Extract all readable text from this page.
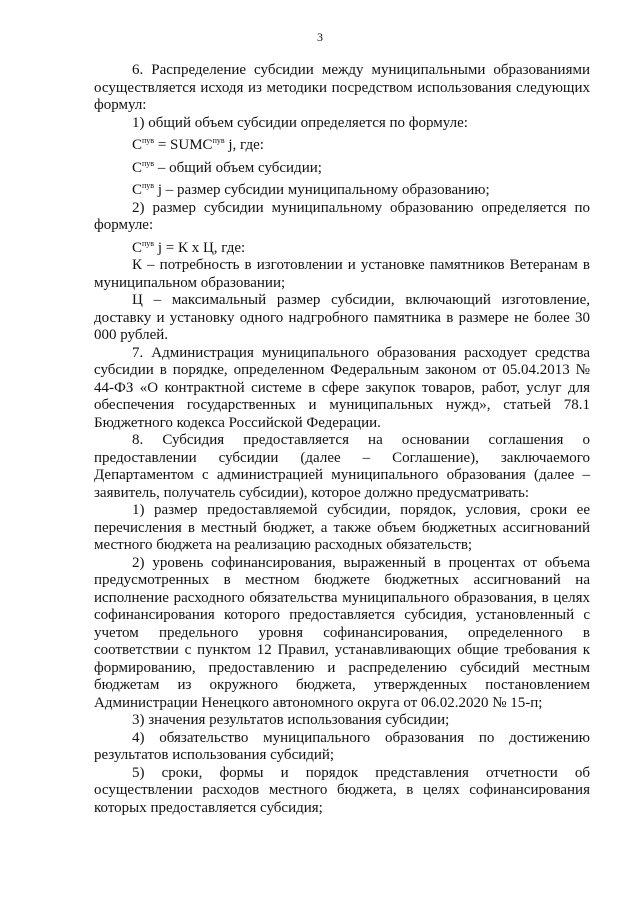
3

6. Распределение субсидии между муниципальными образованиями осуществляется исходя из методики посредством использования следующих формул:

1) общий объем субсидии определяется по формуле:

$С^{пув}$ = $SUMC^{пув}$ j, где:

$С^{пув}$ – общий объем субсидии;

$С^{пув}$ j – размер субсидии муниципальному образованию;

2) размер субсидии муниципальному образованию определяется по формуле:

$С^{пув}$ j = К х Ц, где:

К – потребность в изготовлении и установке памятников Ветеранам в муниципальном образовании;

Ц – максимальный размер субсидии, включающий изготовление, доставку и установку одного надгробного памятника в размере не более 30 000 рублей.

7. Администрация муниципального образования расходует средства субсидии в порядке, определенном Федеральным законом от 05.04.2013 № 44-ФЗ «О контрактной системе в сфере закупок товаров, работ, услуг для обеспечения государственных и муниципальных нужд», статьей 78.1 Бюджетного кодекса Российской Федерации.

8. Субсидия предоставляется на основании соглашения о предоставлении субсидии (далее – Соглашение), заключаемого Департаментом с администрацией муниципального образования (далее – заявитель, получатель субсидии), которое должно предусматривать:

1) размер предоставляемой субсидии, порядок, условия, сроки ее перечисления в местный бюджет, а также объем бюджетных ассигнований местного бюджета на реализацию расходных обязательств;

2) уровень софинансирования, выраженный в процентах от объема предусмотренных в местном бюджете бюджетных ассигнований на исполнение расходного обязательства муниципального образования, в целях софинансирования которого предоставляется субсидия, установленный с учетом предельного уровня софинансирования, определенного в соответствии с пунктом 12 Правил, устанавливающих общие требования к формированию, предоставлению и распределению субсидий местным бюджетам из окружного бюджета, утвержденных постановлением Администрации Ненецкого автономного округа от 06.02.2020 № 15-п;

3) значения результатов использования субсидии;

4) обязательство муниципального образования по достижению результатов использования субсидий;

5) сроки, формы и порядок представления отчетности об осуществлении расходов местного бюджета, в целях софинансирования которых предоставляется субсидия;
